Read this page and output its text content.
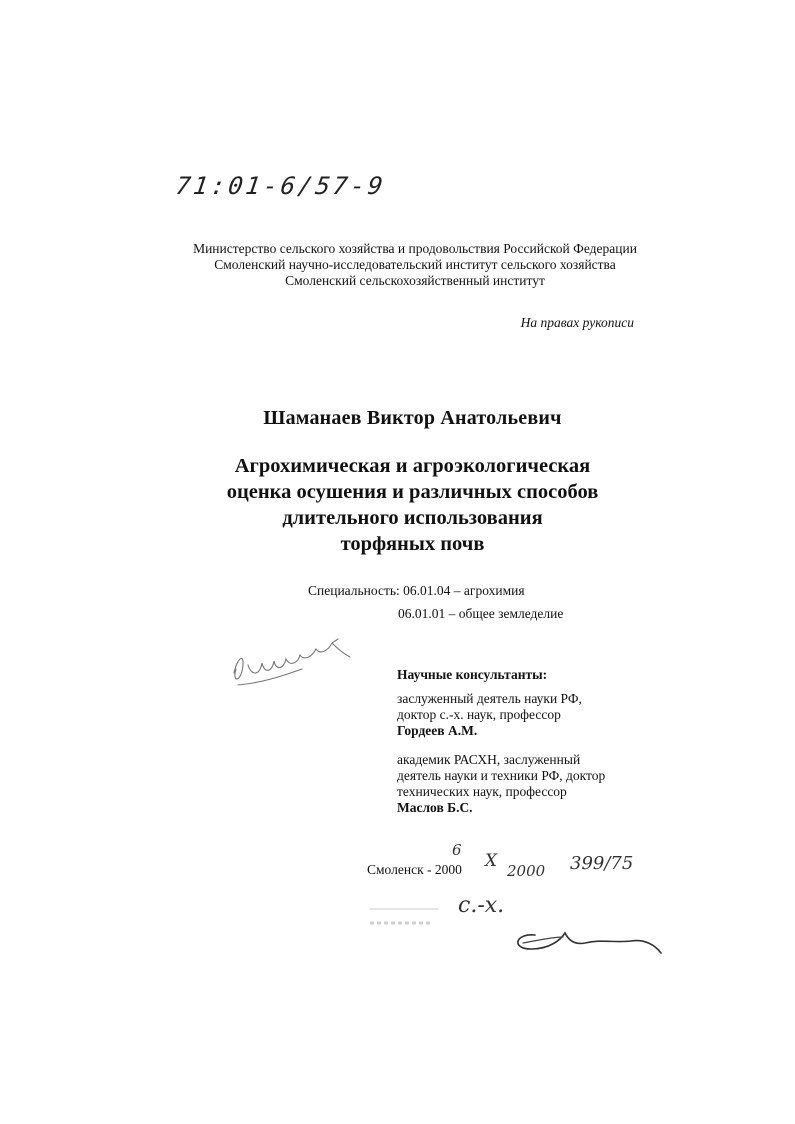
71:01-6/57-9
Министерство сельского хозяйства и продовольствия Российской Федерации
Смоленский научно-исследовательский институт сельского хозяйства
Смоленский сельскохозяйственный институт
На правах рукописи
Шаманаев Виктор Анатольевич
Агрохимическая и агроэкологическая
оценка осушения и различных способов
длительного использования
торфяных почв
Специальность: 06.01.04 – агрохимия
06.01.01 – общее земледелие
Научные консультанты:
заслуженный деятель науки РФ,
доктор с.-х. наук, профессор
Гордеев А.М.
академик РАСХН, заслуженный
деятель науки и техники РФ, доктор
технических наук, профессор
Маслов Б.С.
Смоленск - 2000
6
X 2000 399/75
с.-х.
